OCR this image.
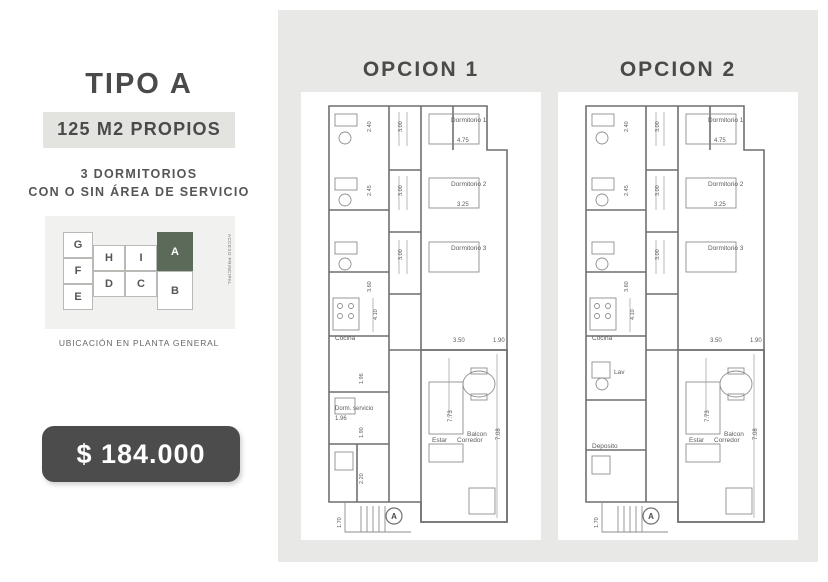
TIPO A
125 M2 PROPIOS
3 DORMITORIOS
CON O SIN ÁREA DE SERVICIO
G
F
E
H	I
D	C
A
B
ACCESO PRINCIPAL
UBICACIÓN EN PLANTA GENERAL
$ 184.000
OPCION 1
Dormitorio 1
4.75
Dormitorio 2
3.25
Dormitorio 3
3.50
Cocina
Dorm. servicio
1.96
Estar Corredor
Balcon
1.90
7.08
7.73
3.00
3.00
3.00
4.10
2.40
2.45
3.60
1.96
1.90
2.20
1.70
A
OPCION 2
Dormitorio 1
4.75
Dormitorio 2
3.25
Dormitorio 3
3.50
Cocina
Lav
Deposito
Estar Corredor
Balcon
1.90
7.08
7.73
3.00
3.00
3.00
4.10
2.40
2.45
3.60
1.70
A
